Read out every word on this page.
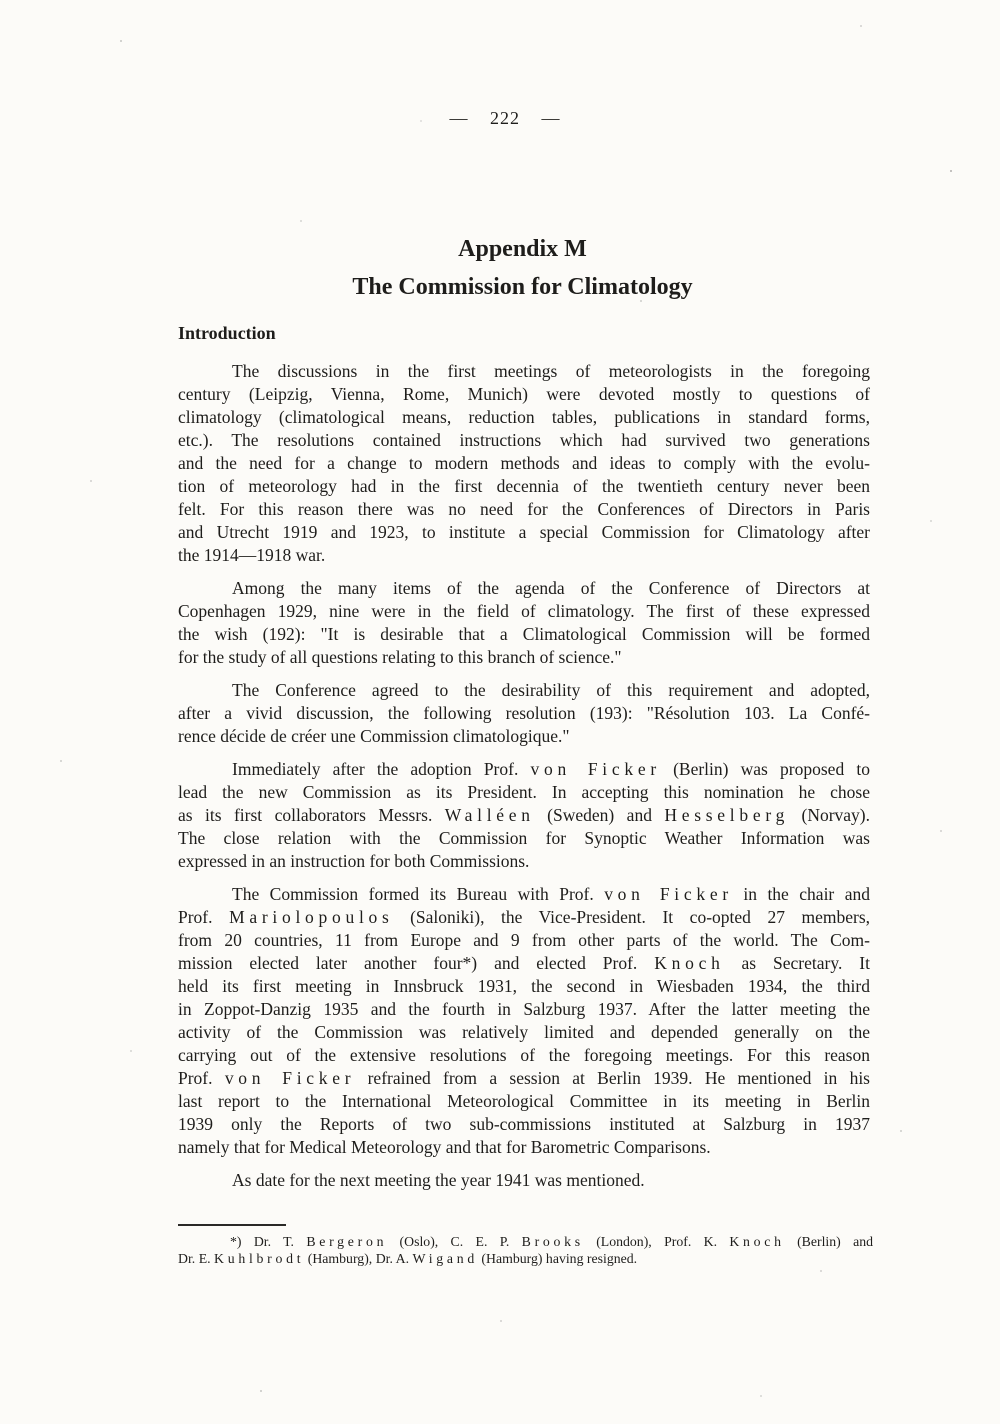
— 222 —
Appendix M
The Commission for Climatology
Introduction

The discussions in the first meetings of meteorologists in the foregoing
century (Leipzig, Vienna, Rome, Munich) were devoted mostly to questions of
climatology (climatological means, reduction tables, publications in standard forms,
etc.). The resolutions contained instructions which had survived two generations
and the need for a change to modern methods and ideas to comply with the evolu-
tion of meteorology had in the first decennia of the twentieth century never been
felt. For this reason there was no need for the Conferences of Directors in Paris
and Utrecht 1919 and 1923, to institute a special Commission for Climatology after
the 1914—1918 war.

Among the many items of the agenda of the Conference of Directors at
Copenhagen 1929, nine were in the field of climatology. The first of these expressed
the wish (192): "It is desirable that a Climatological Commission will be formed
for the study of all questions relating to this branch of science."

The Conference agreed to the desirability of this requirement and adopted,
after a vivid discussion, the following resolution (193): "Résolution 103. La Confé-
rence décide de créer une Commission climatologique."

Immediately after the adoption Prof. von Ficker (Berlin) was proposed to
lead the new Commission as its President. In accepting this nomination he chose
as its first collaborators Messrs. Walléen (Sweden) and Hesselberg (Norvay).
The close relation with the Commission for Synoptic Weather Information was
expressed in an instruction for both Commissions.

The Commission formed its Bureau with Prof. von Ficker in the chair and
Prof. Mariolopoulos (Saloniki), the Vice-President. It co-opted 27 members,
from 20 countries, 11 from Europe and 9 from other parts of the world. The Com-
mission elected later another four*) and elected Prof. Knoch as Secretary. It
held its first meeting in Innsbruck 1931, the second in Wiesbaden 1934, the third
in Zoppot-Danzig 1935 and the fourth in Salzburg 1937. After the latter meeting the
activity of the Commission was relatively limited and depended generally on the
carrying out of the extensive resolutions of the foregoing meetings. For this reason
Prof. von Ficker refrained from a session at Berlin 1939. He mentioned in his
last report to the International Meteorological Committee in its meeting in Berlin
1939 only the Reports of two sub-commissions instituted at Salzburg in 1937
namely that for Medical Meteorology and that for Barometric Comparisons.

As date for the next meeting the year 1941 was mentioned.

*) Dr. T. Bergeron (Oslo), C. E. P. Brooks (London), Prof. K. Knoch (Berlin) and
Dr. E. Kuhlbrodt (Hamburg), Dr. A. Wigand (Hamburg) having resigned.
